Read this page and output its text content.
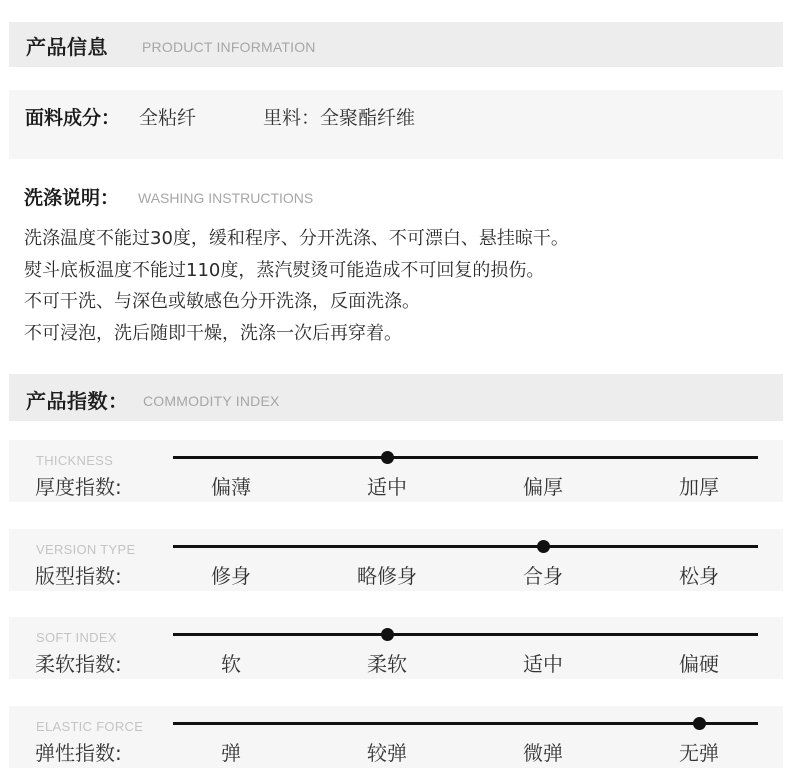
产品信息 PRODUCT INFORMATION
面料成分： 全粘纤	里料：全聚酯纤维
洗涤说明： WASHING INSTRUCTIONS
洗涤温度不能过30度，缓和程序、分开洗涤、不可漂白、悬挂晾干。
熨斗底板温度不能过110度，蒸汽熨烫可能造成不可回复的损伤。
不可干洗、与深色或敏感色分开洗涤，反面洗涤。
不可浸泡，洗后随即干燥，洗涤一次后再穿着。
产品指数： COMMODITY INDEX
THICKNESS
厚度指数:	偏薄	适中	偏厚	加厚
VERSION TYPE
版型指数:	修身	略修身	合身	松身
SOFT INDEX
柔软指数:	软	柔软	适中	偏硬
ELASTIC FORCE
弹性指数:	弹	较弹	微弹	无弹
